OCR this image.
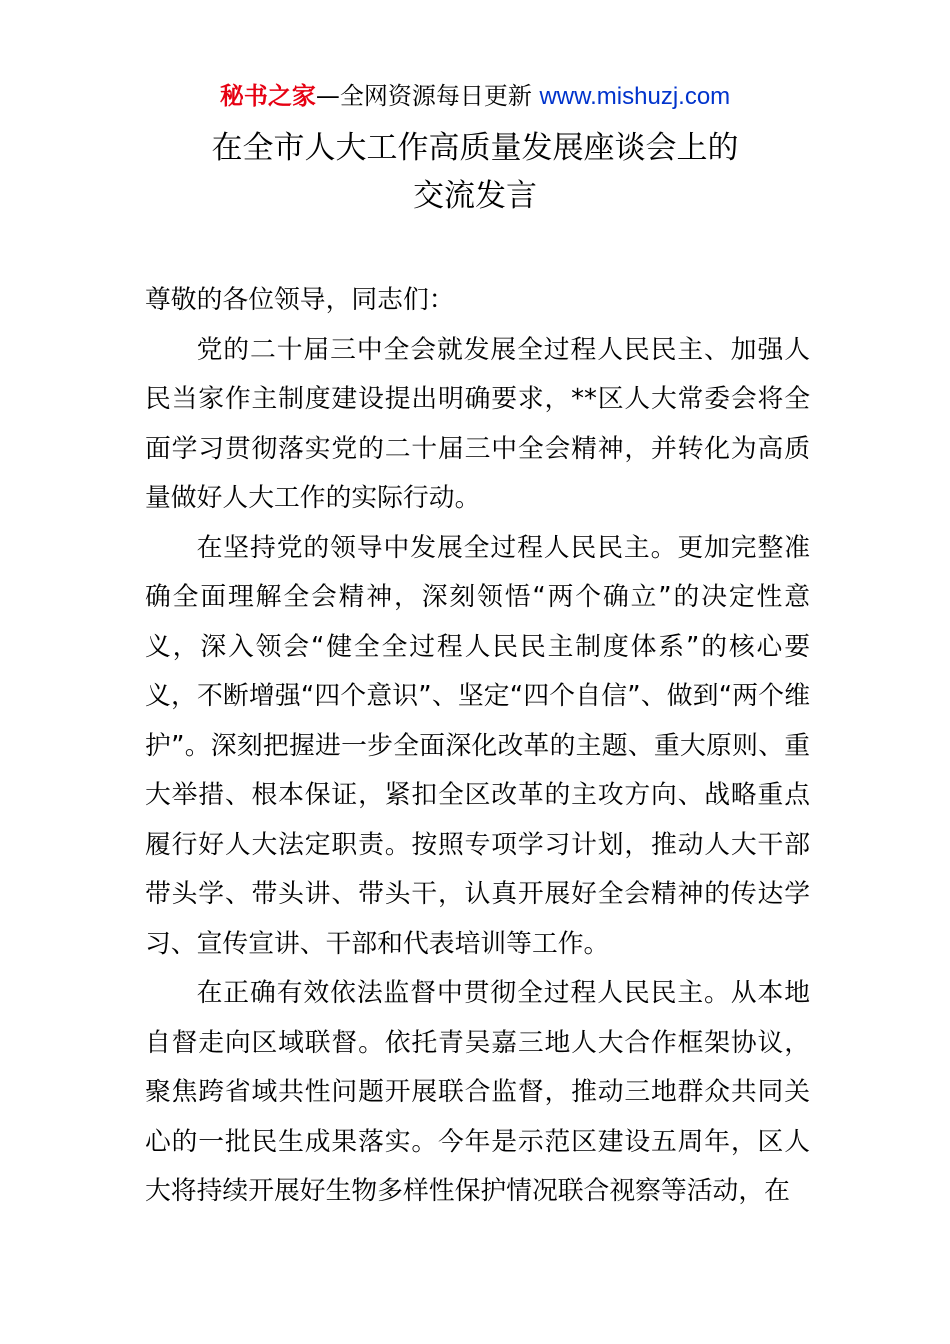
秘书之家—全网资源每日更新 www.mishuzj.com
在全市人大工作高质量发展座谈会上的
交流发言

尊敬的各位领导，同志们：

党的二十届三中全会就发展全过程人民民主、加强人民当家作主制度建设提出明确要求，**区人大常委会将全面学习贯彻落实党的二十届三中全会精神，并转化为高质量做好人大工作的实际行动。

在坚持党的领导中发展全过程人民民主。更加完整准确全面理解全会精神，深刻领悟“两个确立”的决定性意义，深入领会“健全全过程人民民主制度体系”的核心要义，不断增强“四个意识”、坚定“四个自信”、做到“两个维护”。深刻把握进一步全面深化改革的主题、重大原则、重大举措、根本保证，紧扣全区改革的主攻方向、战略重点履行好人大法定职责。按照专项学习计划，推动人大干部带头学、带头讲、带头干，认真开展好全会精神的传达学习、宣传宣讲、干部和代表培训等工作。

在正确有效依法监督中贯彻全过程人民民主。从本地自督走向区域联督。依托青吴嘉三地人大合作框架协议，聚焦跨省域共性问题开展联合监督，推动三地群众共同关心的一批民生成果落实。今年是示范区建设五周年，区人大将持续开展好生物多样性保护情况联合视察等活动，在
